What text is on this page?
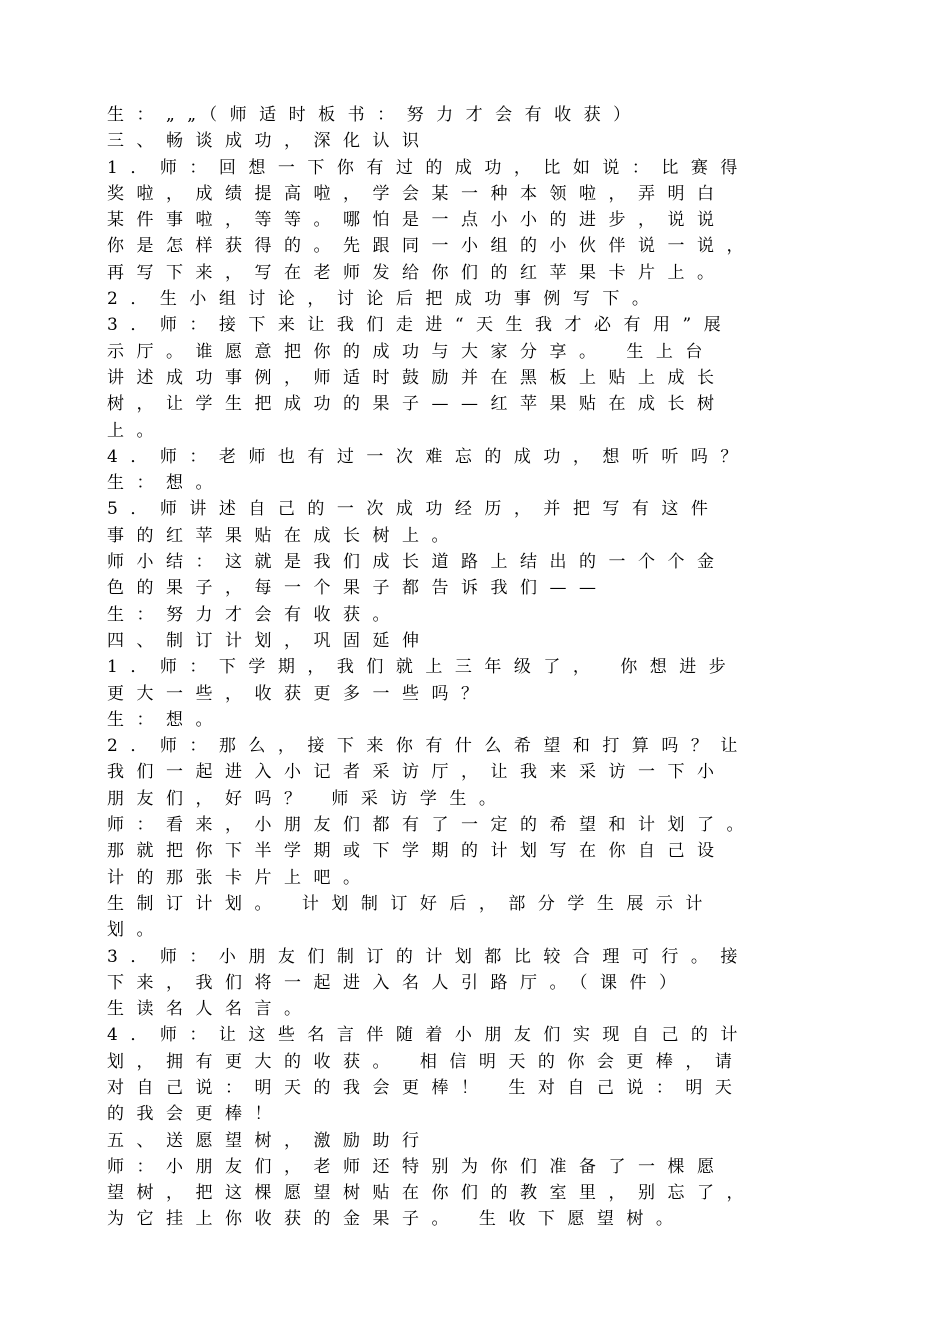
生：„„（师适时板书：努力才会有收获）
三、畅谈成功，深化认识
1．师：回想一下你有过的成功，比如说：比赛得
奖啦，成绩提高啦，学会某一种本领啦，弄明白
某件事啦，等等。哪怕是一点小小的进步，说说
你是怎样获得的。先跟同一小组的小伙伴说一说，
再写下来，写在老师发给你们的红苹果卡片上。
2．生小组讨论，讨论后把成功事例写下。
3．师：接下来让我们走进“天生我才必有用”展
示厅。谁愿意把你的成功与大家分享。 生上台
讲述成功事例，师适时鼓励并在黑板上贴上成长
树，让学生把成功的果子——红苹果贴在成长树
上。
4．师：老师也有过一次难忘的成功，想听听吗？
生：想。
5．师讲述自己的一次成功经历，并把写有这件
事的红苹果贴在成长树上。
师小结：这就是我们成长道路上结出的一个个金
色的果子，每一个果子都告诉我们——
生：努力才会有收获。
四、制订计划，巩固延伸
1．师：下学期，我们就上三年级了， 你想进步
更大一些，收获更多一些吗？
生：想。
2．师：那么，接下来你有什么希望和打算吗？让
我们一起进入小记者采访厅，让我来采访一下小
朋友们，好吗？ 师采访学生。
师：看来，小朋友们都有了一定的希望和计划了。
那就把你下半学期或下学期的计划写在你自己设
计的那张卡片上吧。
生制订计划。 计划制订好后，部分学生展示计
划。
3．师：小朋友们制订的计划都比较合理可行。接
下来，我们将一起进入名人引路厅。（课件）
生读名人名言。
4．师：让这些名言伴随着小朋友们实现自己的计
划，拥有更大的收获。 相信明天的你会更棒，请
对自己说：明天的我会更棒！ 生对自己说：明天
的我会更棒！
五、送愿望树，激励助行
师：小朋友们，老师还特别为你们准备了一棵愿
望树，把这棵愿望树贴在你们的教室里，别忘了，
为它挂上你收获的金果子。 生收下愿望树。
